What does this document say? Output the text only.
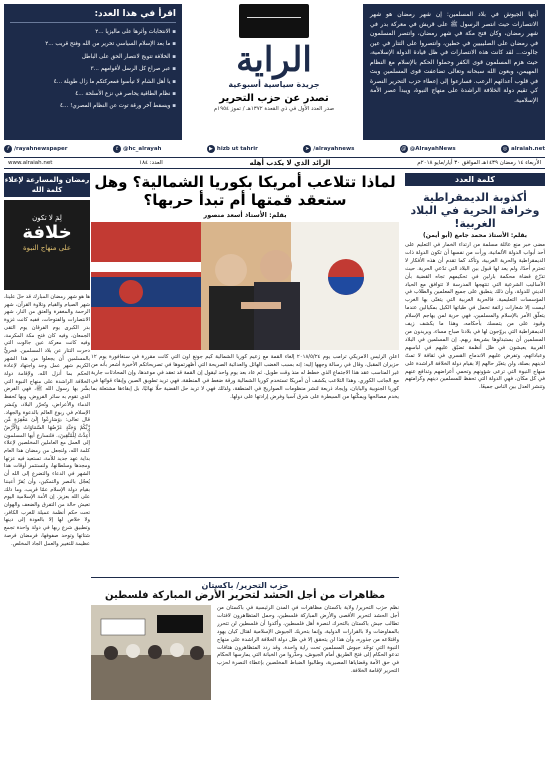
أيتها الجيوش في بلاد المسلمين: إن شهر رمضان هو شهر الانتصارات حيث انتصر الرسول ﷺ على قريش في معركة بدر في شهر رمضان، وكان فتح مكة في شهر رمضان، وانتصر المسلمون في رمضان على الصليبيين في حطين، وانتصروا على التتار في عين جالوت... لقد كانت هذه الانتصارات في ظل قيادة الدولة الإسلامية، حيث هزم المسلمون قوى الكفر وحملوا الحكم بالإسلام مع النظام المهيمن، وبعون الله سبحانه وتعالى تضاعفت قوى المسلمين وبث في قلوب أعدائهم الرعب. فسارعوا إلى إعطاء حزب التحرير النصرة كي تقيم دولة الخلافة الراشدة على منهاج النبوة، ويبدأ عصر الأمة الإسلامية.

الراية
جريدة سياسية أسبوعية
تصدر عن حزب التحرير
صدر العدد الأول في ذي القعدة ١٣٧٢هـ / تموز ١٩٥٤م
اقرأ في هذا العدد:
▪ الانتخابات وأثرها على ماليزيا ...٢
▪ ما بعد الإسلام السياسي تحرير من الله وفتح قريب ...٢
▪ الخلافة تتويج لانتصار الحق على الباطل
▪ عبر صراع كل الرسل لأقوامهم ...٣
▪ يا أهل الشام لا تيأسوا فمعركتكم ما زال طويلة ...٤
▪ نظام الطاقية يحاصر في نزع الأسلحة ...٤
▪ ويسقط آخر ورقة توت عن النظام المصري! ...٤
f /rayahnewspaper	t @hc_alrayah	▶ hizb ut tahrir	➤ /alrayahnews	@ @AlrayahNews	◎ alraiah.net
الأربعاء ١٤ رمضان ١٤٣٩هـ الموافق ٣٠ أيار/مايو ٢٠١٨م
الرائد الذي لا يكذب أهله
العدد: ١٨٤
www.alraiah.net
كلمة العدد
أكذوبة الديمقراطية وخرافة الحرية في البلاد الغربية!
بقلم: الأستاذ محمد جامع (أبو أيمن)
مضى خبر منع عائلة مسلمة من ارتداء الخمار في التعليم على أحد أبواب الدولة الألمانية، ورأت من نفسها أن تكون الدولة ذات الديمقراطية والحرية الغربية، وتأكد كما تقدم أن هذه الأفكار لا تحترم أحدًا، ولم يعد لها قبول بين البلاد التي تدّعي الحرية. حيث تذرّع قضاة محكمة بارلين في تحكيمهم تجاه القضية بأن الأساليب الشرعية التي تنتهجها المدرسة لا تتوافق مع الحياد الديني للدولة، وأن ذلك ينطبق على جميع المعلمين والطلاب في المؤسسات التعليمية. فالحرية الغربية التي يتغنّى بها الغرب ليست إلا شعارات زائفة تحمل في طياتها الكيل بمكيالين عندما يتعلّق الأمر بالإسلام والمسلمين، فهي حرية لمن يهاجم الإسلام وقيود على من يتمسك بأحكامه، وهذا ما يكشف زيف الديمقراطية التي يروّجون لها في بلادنا صباح مساء، ويريدون من المسلمين أن يستبدلوها بشريعة ربهم. إن المسلمين في البلاد الغربية يعيشون في ظل أنظمة تضيّق عليهم في لباسهم وعباداتهم، وتفرض عليهم الاندماج القسري في ثقافة لا تمتّ لدينهم بصلة، ولن يتغيّر حالهم إلا بقيام دولة الخلافة الراشدة على منهاج النبوة التي ترعى شؤونهم وتحمي أعراضهم وتدافع عنهم في كل مكان، فهي الدولة التي تحفظ للمسلمين دينهم وكرامتهم وتنشر العدل بين الناس جميعًا.
لماذا تتلاعب أمريكا بكوريا الشمالية؟ وهل ستعقد قمتها أم تبدأ حربها؟
بقلم: الأستاذ أسعد منصور
أعلن الرئيس الأمريكي ترامب يوم ٢٠١٨/٥/٢٤ إلغاء القمة مع زعيم كوريا الشمالية كيم جونغ أون التي كانت مقررة في سنغافورة يوم ١٢ حزيران المقبل، وقال في رسالة وجهها إليه: إنه بسبب الغضب الهائل والعدائية الصريحة التي أظهرتموها في تصريحاتكم الأخيرة أشعر بأنه من غير المناسب عقد هذا الاجتماع الذي خطط له منذ وقت طويل. ثم عاد بعد يوم واحد ليقول إن القمة قد تعقد في موعدها، وإن المحادثات جارية مع الجانب الكوري. وهذا التلاعب يكشف أن أمريكا تستخدم كوريا الشمالية ورقة ضغط في المنطقة، فهي تريد تطويق الصين وإبقاء قواتها في كوريا الجنوبية واليابان، وإيجاد ذريعة لنشر منظومات الصواريخ في المنطقة، ولذلك فهي لا تريد حل القضية حلًا نهائيًا، بل إبقاءها مشتعلة بما يخدم مصالحها ويمكّنها من السيطرة على شرق آسيا وفرض إرادتها على دولها.
حزب التحرير/ باكستان
مظاهرات من أجل الحشد لتحرير الأرض المباركة فلسطين
نظّم حزب التحرير/ ولاية باكستان مظاهرات في المدن الرئيسية في باكستان من أجل الحشد لتحرير الأقصى والأرض المباركة فلسطين، وحمل المتظاهرون لافتات تطالب جيش باكستان بالتحرك لنصرة أهل فلسطين، وأكدوا أن فلسطين لن تتحرر بالمفاوضات ولا بالقرارات الدولية، وإنما بتحريك الجيوش الإسلامية لقتال كيان يهود واقتلاعه من جذوره، وأن هذا لن يتحقق إلا في ظل دولة الخلافة الراشدة على منهاج النبوة التي توحّد جيوش المسلمين تحت راية واحدة. وقد ردد المتظاهرون هتافات تدعو الحكام إلى فتح الطريق أمام الجيوش، وحذّروا من الخيانة التي يمارسها الحكام في حق الأمة وقضاياها المصيرية، وطالبوا الضباط المخلصين بإعطاء النصرة لحزب التحرير لإقامة الخلافة.
رمضان والمسارعة لإعلاء كلمة الله
لِمَ لا تكون
خلافة
على منهاج النبوة
ها هو شهر رمضان المبارك قد حلّ علينا، شهر الصيام والقيام وتلاوة القرآن، شهر الرحمة والمغفرة والعتق من النار، شهر الانتصارات والفتوحات، ففيه كانت غزوة بدر الكبرى يوم الفرقان يوم التقى الجمعان، وفيه كان فتح مكة المكرمة، وفيه كانت معركة عين جالوت التي دحرت التتار عن بلاد المسلمين. فحريٌّ بالمسلمين أن يجعلوا من هذا الشهر الكريم شهر عمل وجد واجتهاد لإعادة الحكم بما أنزل الله، ولإقامة دولة الخلافة الراشدة على منهاج النبوة التي بشّر بها رسول الله ﷺ، فهي الفرض الذي تقوم به سائر الفروض، وبها تُحفظ الدماء والأعراض، وتُحرّر البلاد، ويُنشر الإسلام في ربوع العالم بالدعوة والجهاد. قال تعالى: ﴿وَسَارِعُوا إِلَىٰ مَغْفِرَةٍ مِّن رَّبِّكُمْ وَجَنَّةٍ عَرْضُهَا السَّمَاوَاتُ وَالْأَرْضُ أُعِدَّتْ لِلْمُتَّقِينَ﴾. فلنسارع أيها المسلمون إلى العمل مع العاملين المخلصين لإعلاء كلمة الله، ولنجعل من رمضان هذا العام بداية عهد جديد للأمة، تستعيد فيه عزتها ومجدها وسلطانها، ولنستثمر أوقات هذا الشهر في الدعاء والتضرع إلى الله أن يُعجّل بالنصر والتمكين، وأن يُقرّ أعيننا بقيام دولة الإسلام عمّا قريب، وما ذلك على الله بعزيز. إن الأمة الإسلامية اليوم تعيش حالة من التفرق والضعف والهوان تحت حكم أنظمة عميلة للغرب الكافر، ولا خلاص لها إلا بالعودة إلى دينها وتطبيق شرع ربها في دولة واحدة تجمع شتاتها وتوحد صفوفها، فرمضان فرصة عظيمة للتغيير والعمل الجاد المخلص.
